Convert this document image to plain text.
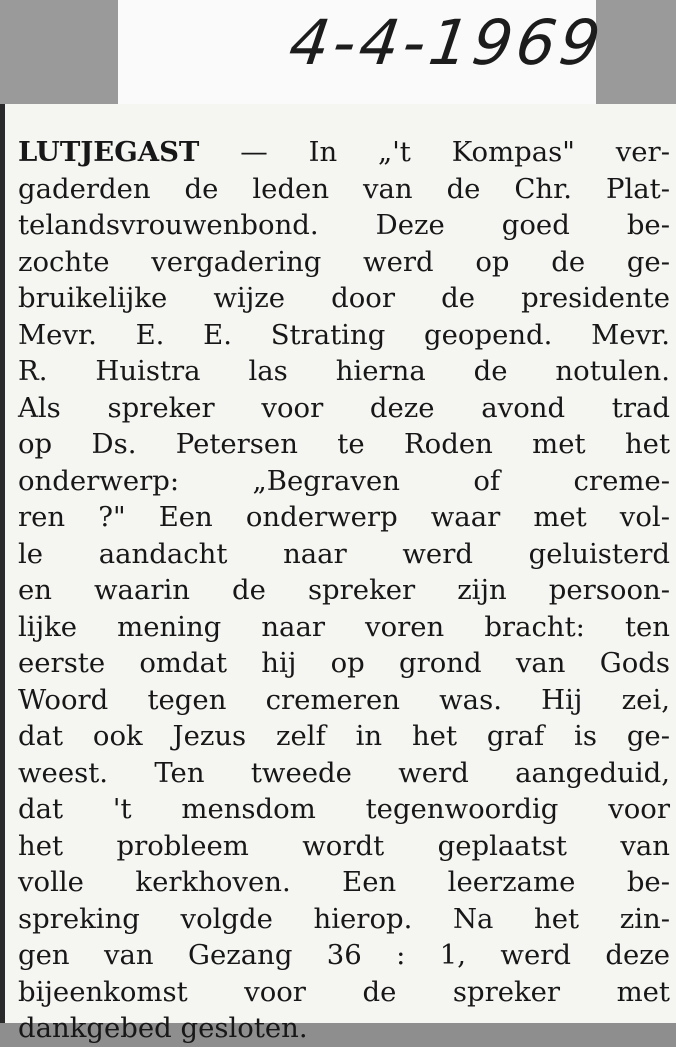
4-4-1969
LUTJEGAST — In „'t Kompas" ver-
gaderden de leden van de Chr. Plat-
telandsvrouwenbond. Deze goed be-
zochte vergadering werd op de ge-
bruikelijke wijze door de presidente
Mevr. E. E. Strating geopend. Mevr.
R. Huistra las hierna de notulen.
Als spreker voor deze avond trad
op Ds. Petersen te Roden met het
onderwerp: „Begraven of cremе-
ren ?" Een onderwerp waar met vol-
le aandacht naar werd geluisterd
en waarin de spreker zijn persoon-
lijke mening naar voren bracht: ten
eerste omdat hij op grond van Gods
Woord tegen cremeren was. Hij zei,
dat ook Jezus zelf in het graf is ge-
weest. Ten tweede werd aangeduid,
dat 't mensdom tegenwoordig voor
het probleem wordt geplaatst van
volle kerkhoven. Een leerzame be-
spreking volgde hierop. Na het zin-
gen van Gezang 36 : 1, werd deze
bijeenkomst voor de spreker met
dankgebed gesloten.
